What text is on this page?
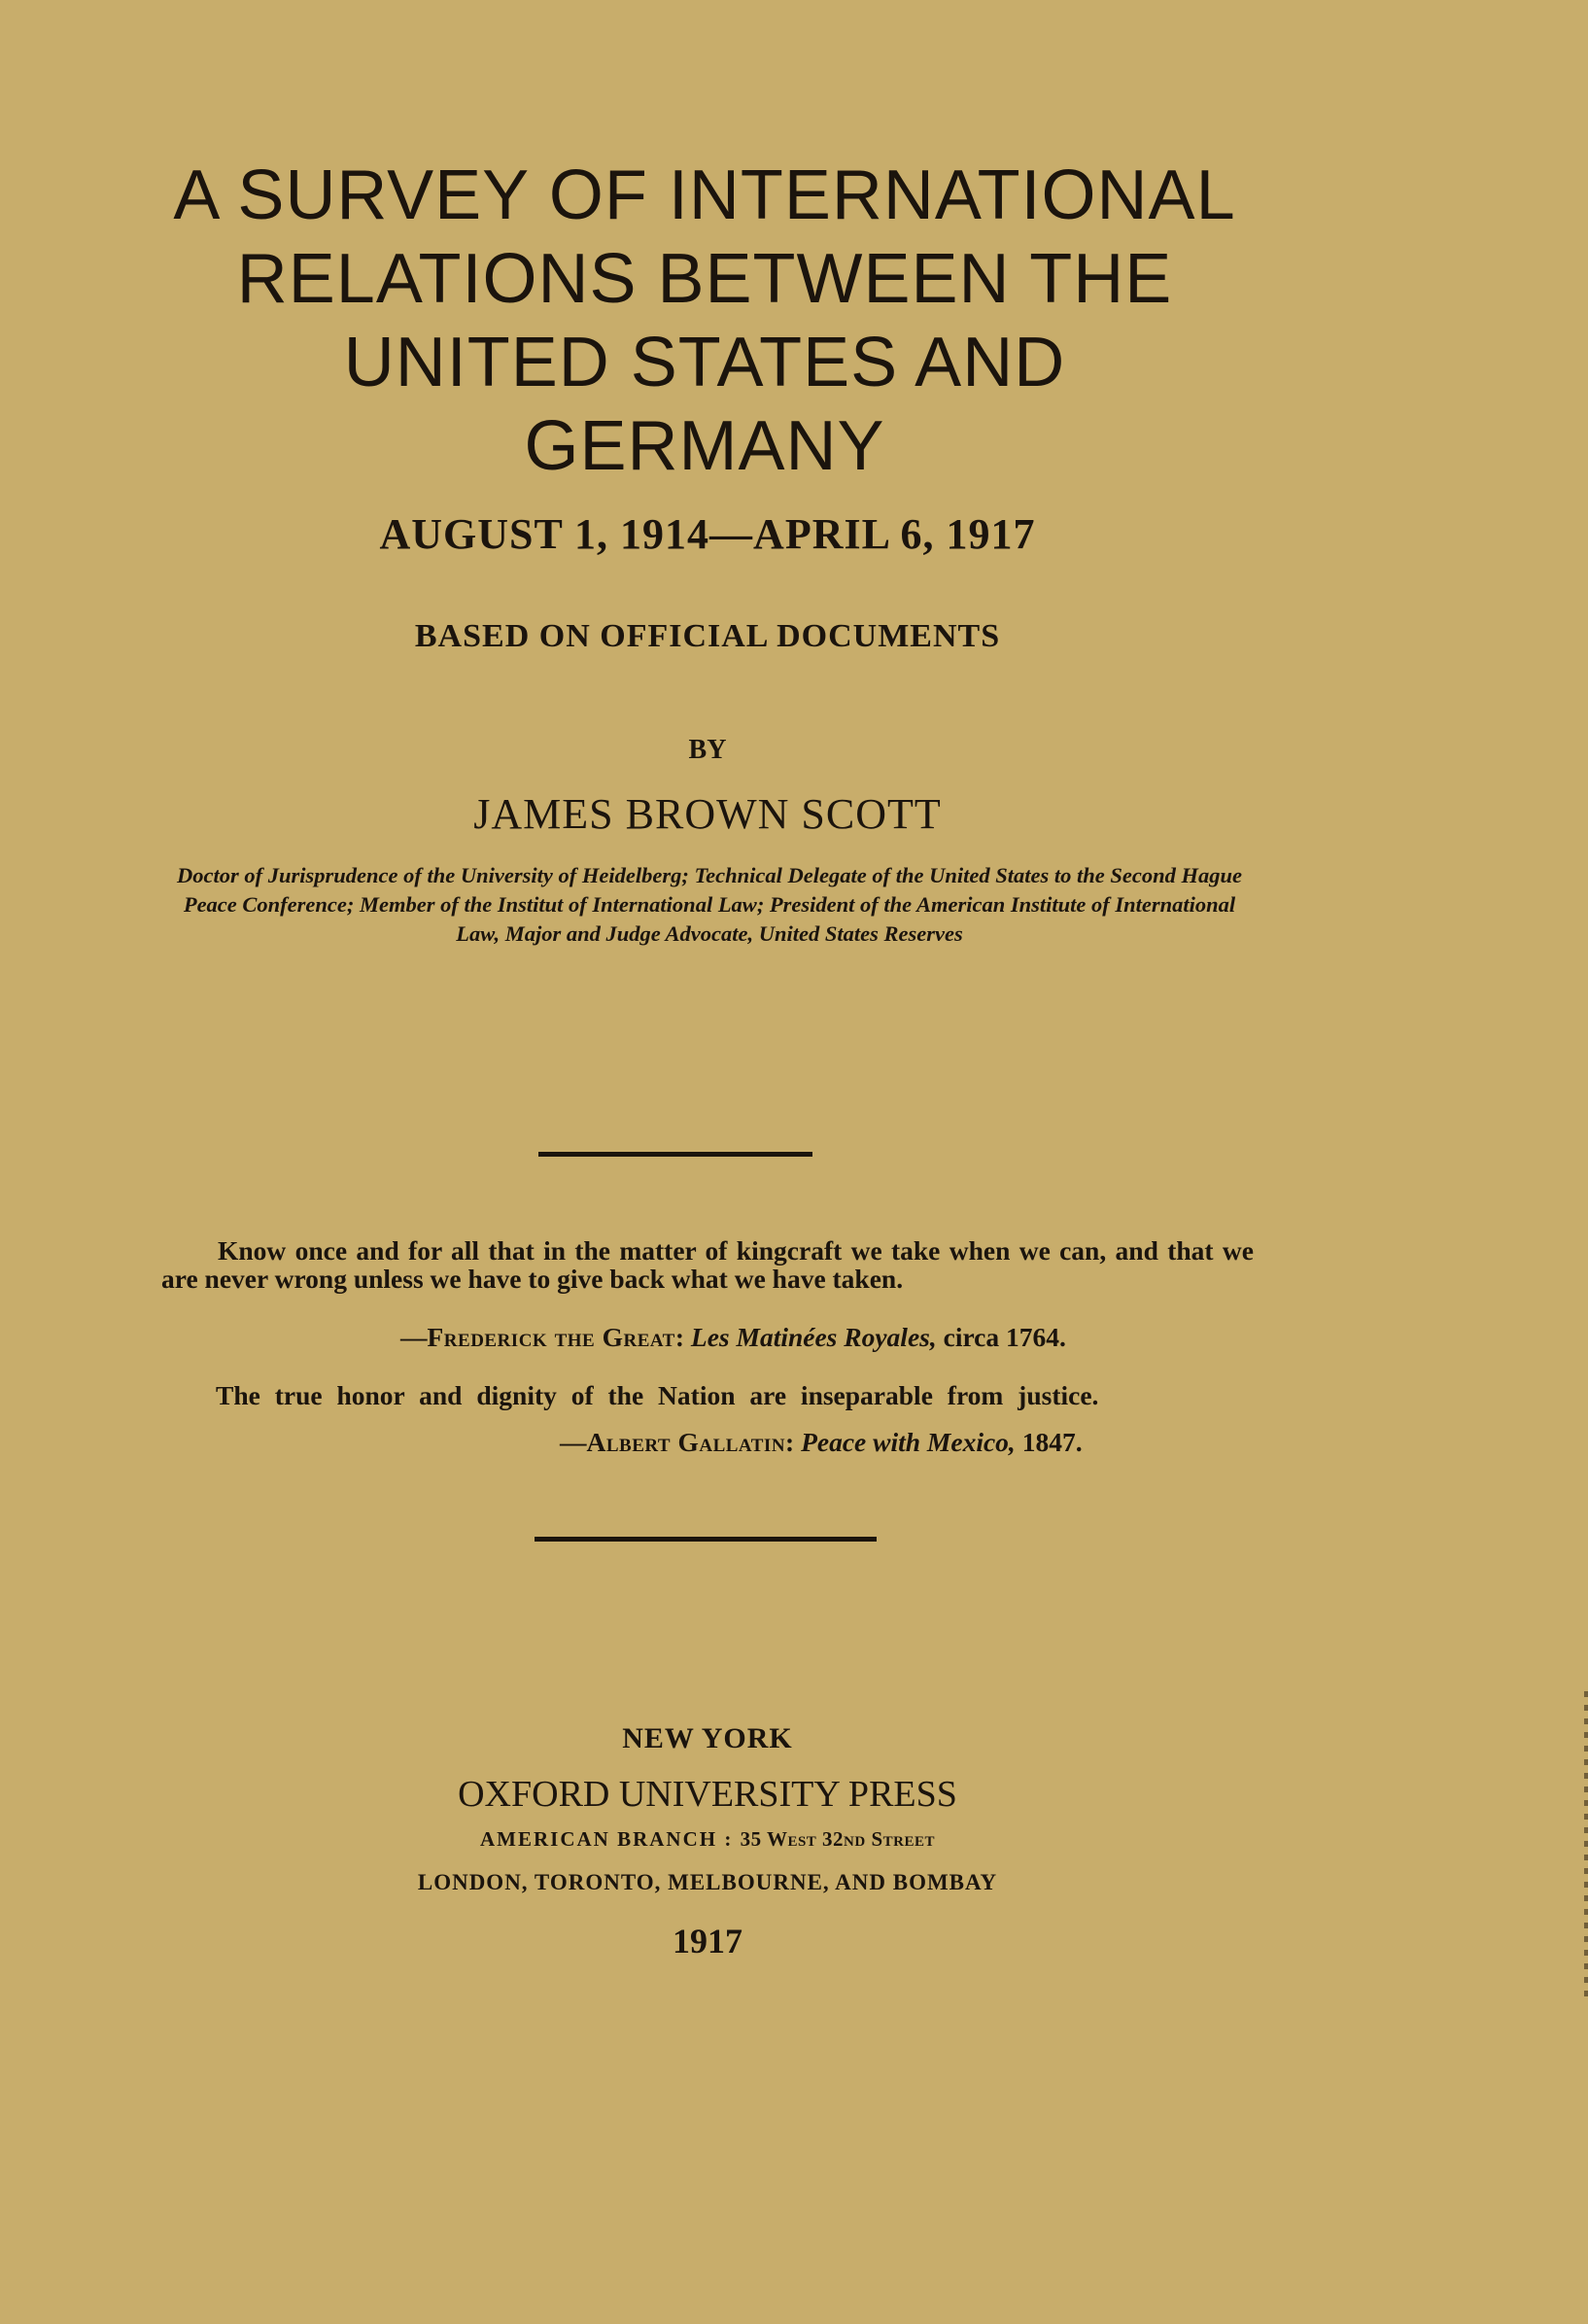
A SURVEY OF INTERNATIONAL
RELATIONS BETWEEN THE
UNITED STATES AND
GERMANY
AUGUST 1, 1914—APRIL 6, 1917
BASED ON OFFICIAL DOCUMENTS
BY
JAMES BROWN SCOTT
Doctor of Jurisprudence of the University of Heidelberg; Technical Delegate of the United States to the Second Hague Peace Conference; Member of the Institut of International Law; President of the American Institute of International Law, Major and Judge Advocate, United States Reserves

Know once and for all that in the matter of kingcraft we take when we can, and that we are never wrong unless we have to give back what we have taken.

—Frederick the Great: Les Matinées Royales, circa 1764.
The true honor and dignity of the Nation are inseparable from justice.
—Albert Gallatin: Peace with Mexico, 1847.
NEW YORK
OXFORD UNIVERSITY PRESS
AMERICAN BRANCH : 35 West 32nd Street
LONDON, TORONTO, MELBOURNE, AND BOMBAY
1917
